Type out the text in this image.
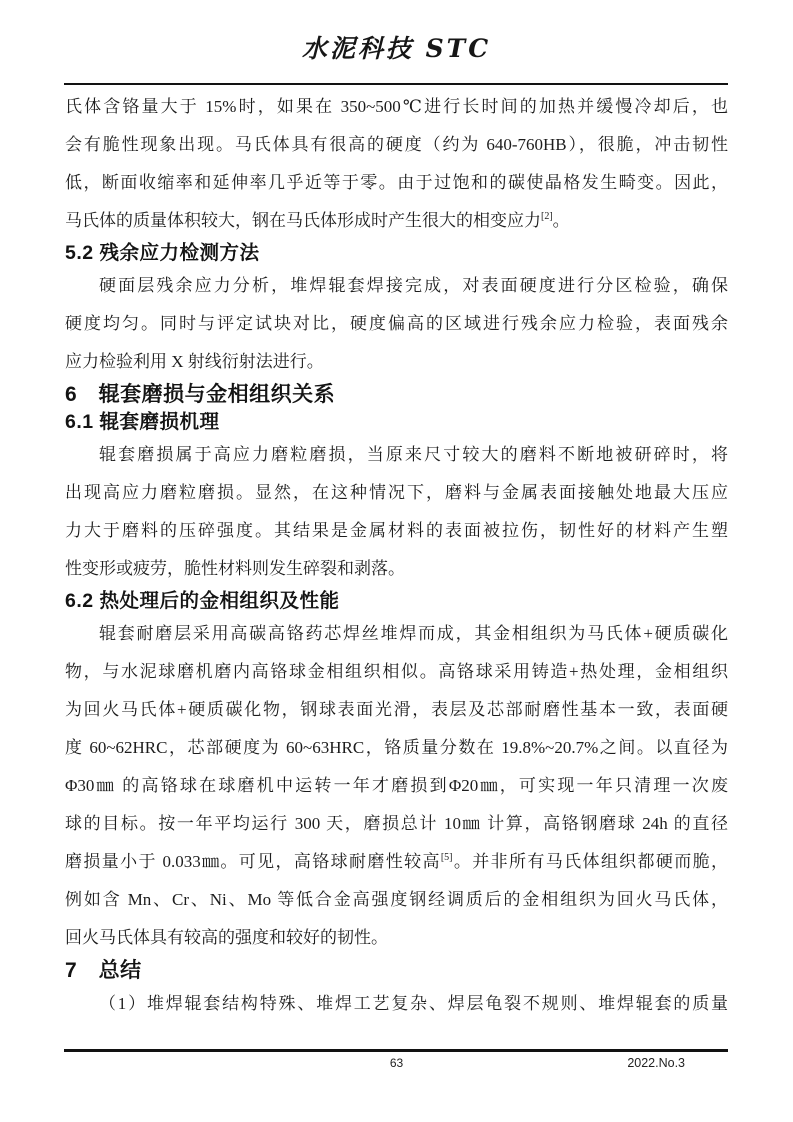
水泥科技 STC
氏体含铬量大于 15%时，如果在 350~500℃进行长时间的加热并缓慢冷却后，也
会有脆性现象出现。马氏体具有很高的硬度（约为 640-760HB），很脆，冲击韧性
低，断面收缩率和延伸率几乎近等于零。由于过饱和的碳使晶格发生畸变。因此，
马氏体的质量体积较大，钢在马氏体形成时产生很大的相变应力[2]。
5.2 残余应力检测方法
硬面层残余应力分析，堆焊辊套焊接完成，对表面硬度进行分区检验，确保
硬度均匀。同时与评定试块对比，硬度偏高的区域进行残余应力检验，表面残余
应力检验利用 X 射线衍射法进行。
6　辊套磨损与金相组织关系
6.1 辊套磨损机理
辊套磨损属于高应力磨粒磨损，当原来尺寸较大的磨料不断地被研碎时，将
出现高应力磨粒磨损。显然，在这种情况下，磨料与金属表面接触处地最大压应
力大于磨料的压碎强度。其结果是金属材料的表面被拉伤，韧性好的材料产生塑
性变形或疲劳，脆性材料则发生碎裂和剥落。
6.2 热处理后的金相组织及性能
辊套耐磨层采用高碳高铬药芯焊丝堆焊而成，其金相组织为马氏体+硬质碳化
物，与水泥球磨机磨内高铬球金相组织相似。高铬球采用铸造+热处理，金相组织
为回火马氏体+硬质碳化物，钢球表面光滑，表层及芯部耐磨性基本一致，表面硬
度 60~62HRC，芯部硬度为 60~63HRC，铬质量分数在 19.8%~20.7%之间。以直径为
Φ30㎜ 的高铬球在球磨机中运转一年才磨损到Φ20㎜，可实现一年只清理一次废
球的目标。按一年平均运行 300 天，磨损总计 10㎜ 计算，高铬钢磨球 24h 的直径
磨损量小于 0.033㎜。可见，高铬球耐磨性较高[5]。并非所有马氏体组织都硬而脆，
例如含 Mn、Cr、Ni、Mo 等低合金高强度钢经调质后的金相组织为回火马氏体，
回火马氏体具有较高的强度和较好的韧性。
7　总结
（1）堆焊辊套结构特殊、堆焊工艺复杂、焊层龟裂不规则、堆焊辊套的质量
63	2022.No.3
